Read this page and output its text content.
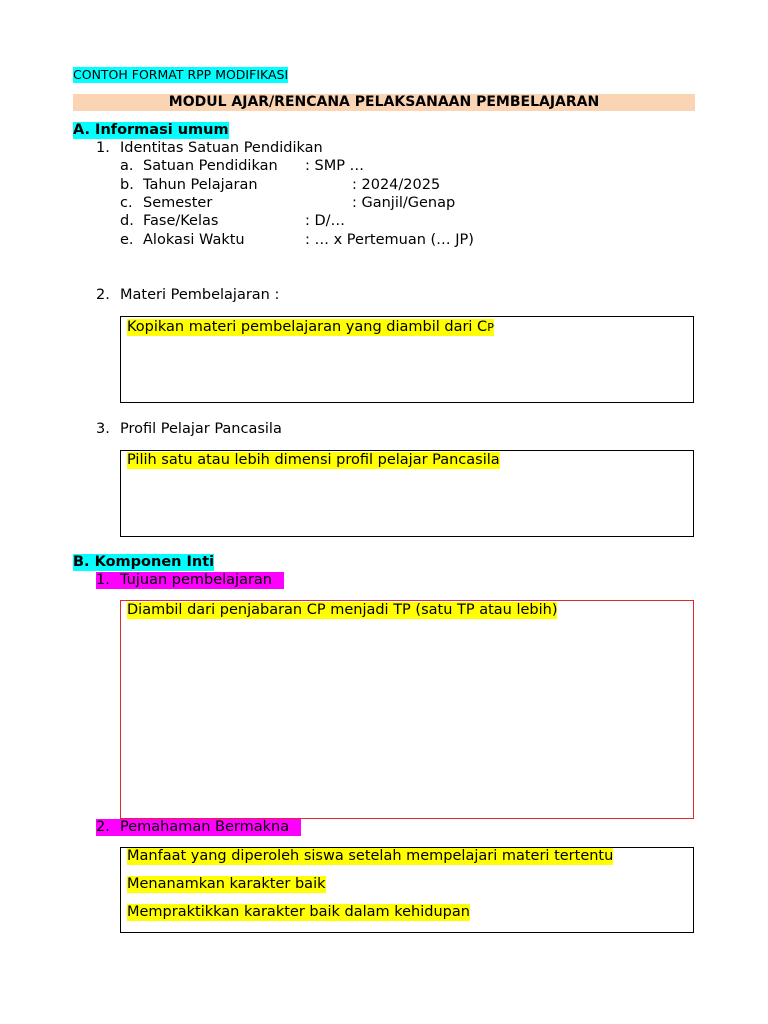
CONTOH FORMAT RPP MODIFIKASI
MODUL AJAR/RENCANA PELAKSANAAN PEMBELAJARAN
A. Informasi umum
1. Identitas Satuan Pendidikan
a. Satuan Pendidikan : SMP …
b. Tahun Pelajaran	: 2024/2025
c. Semester	: Ganjil/Genap
d. Fase/Kelas	: D/…
e. Alokasi Waktu	: … x Pertemuan (… JP)
2. Materi Pembelajaran :
Kopikan materi pembelajaran yang diambil dari CP
3. Profil Pelajar Pancasila
Pilih satu atau lebih dimensi profil pelajar Pancasila
B. Komponen Inti
1. Tujuan pembelajaran
Diambil dari penjabaran CP menjadi TP (satu TP atau lebih)
2. Pemahaman Bermakna
Manfaat yang diperoleh siswa setelah mempelajari materi tertentu
Menanamkan karakter baik
Mempraktikkan karakter baik dalam kehidupan
